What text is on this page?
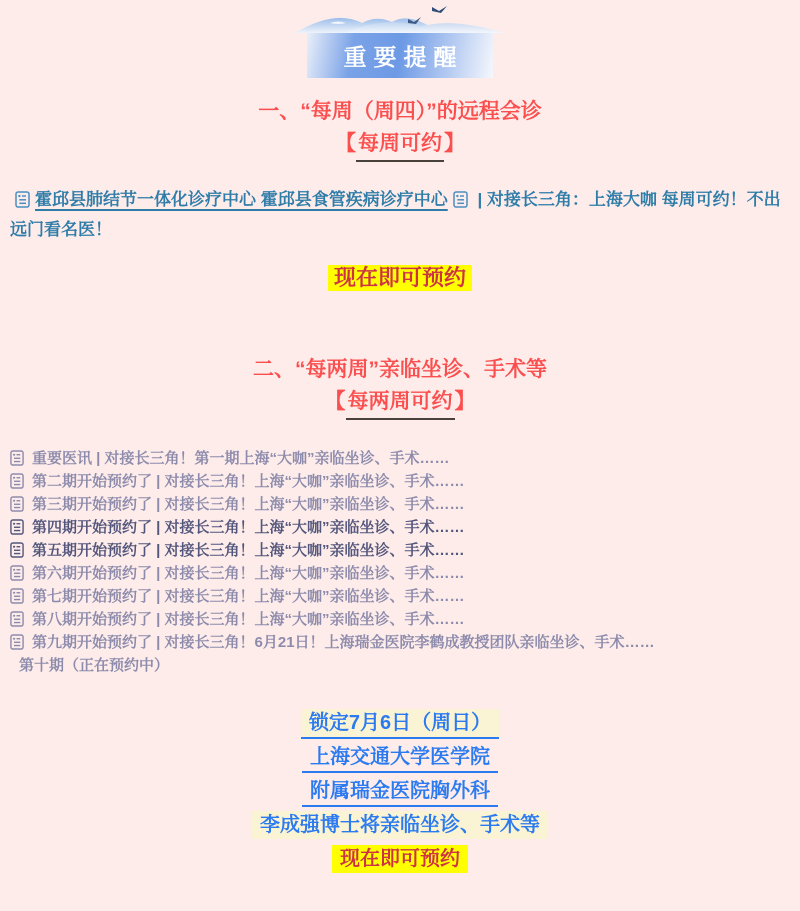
重要提醒
一、“每周（周四）”的远程会诊
【每周可约】

霍邱县肺结节一体化诊疗中心 霍邱县食管疾病诊疗中心 | 对接长三角：上海大咖 每周可约！不出远门看名医！

现在即可预约
二、“每两周”亲临坐诊、手术等
【每两周可约】
重要医讯 | 对接长三角！第一期上海“大咖”亲临坐诊、手术……
第二期开始预约了 | 对接长三角！上海“大咖”亲临坐诊、手术……
第三期开始预约了 | 对接长三角！上海“大咖”亲临坐诊、手术……
第四期开始预约了 | 对接长三角！上海“大咖”亲临坐诊、手术……
第五期开始预约了 | 对接长三角！上海“大咖”亲临坐诊、手术……
第六期开始预约了 | 对接长三角！上海“大咖”亲临坐诊、手术……
第七期开始预约了 | 对接长三角！上海“大咖”亲临坐诊、手术……
第八期开始预约了 | 对接长三角！上海“大咖”亲临坐诊、手术……
第九期开始预约了 | 对接长三角！6月21日！上海瑞金医院李鹤成教授团队亲临坐诊、手术……
第十期（正在预约中）
锁定7月6日（周日）
上海交通大学医学院
附属瑞金医院胸外科
李成强博士将亲临坐诊、手术等
现在即可预约
